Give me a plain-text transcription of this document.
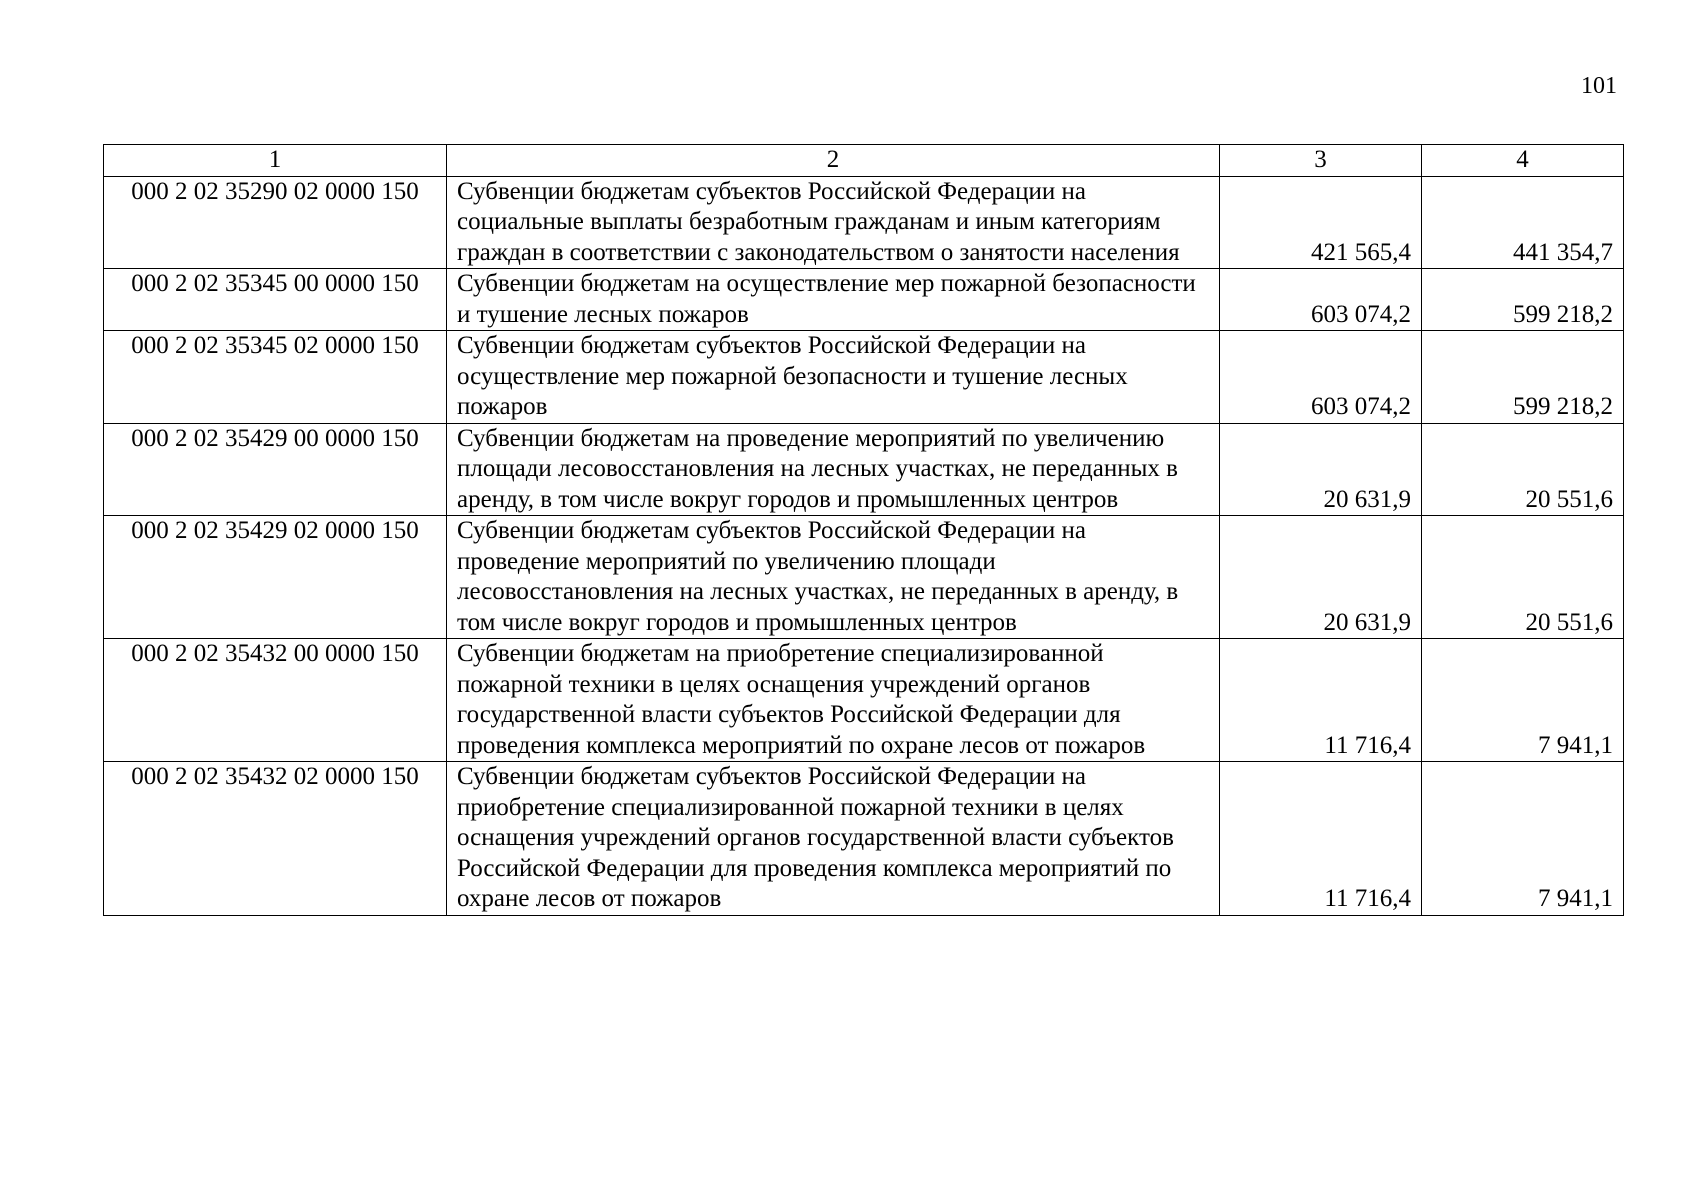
101
1	2	3	4
000 2 02 35290 02 0000 150	Субвенции бюджетам субъектов Российской Федерации на социальные выплаты безработным гражданам и иным категориям граждан в соответствии с законодательством о занятости населения	421 565,4	441 354,7
000 2 02 35345 00 0000 150	Субвенции бюджетам на осуществление мер пожарной безопасности и тушение лесных пожаров	603 074,2	599 218,2
000 2 02 35345 02 0000 150	Субвенции бюджетам субъектов Российской Федерации на осуществление мер пожарной безопасности и тушение лесных пожаров	603 074,2	599 218,2
000 2 02 35429 00 0000 150	Субвенции бюджетам на проведение мероприятий по увеличению площади лесовосстановления на лесных участках, не переданных в аренду, в том числе вокруг городов и промышленных центров	20 631,9	20 551,6
000 2 02 35429 02 0000 150	Субвенции бюджетам субъектов Российской Федерации на проведение мероприятий по увеличению площади лесовосстановления на лесных участках, не переданных в аренду, в том числе вокруг городов и промышленных центров	20 631,9	20 551,6
000 2 02 35432 00 0000 150	Субвенции бюджетам на приобретение специализированной пожарной техники в целях оснащения учреждений органов государственной власти субъектов Российской Федерации для проведения комплекса мероприятий по охране лесов от пожаров	11 716,4	7 941,1
000 2 02 35432 02 0000 150	Субвенции бюджетам субъектов Российской Федерации на приобретение специализированной пожарной техники в целях оснащения учреждений органов государственной власти субъектов Российской Федерации для проведения комплекса мероприятий по охране лесов от пожаров	11 716,4	7 941,1
